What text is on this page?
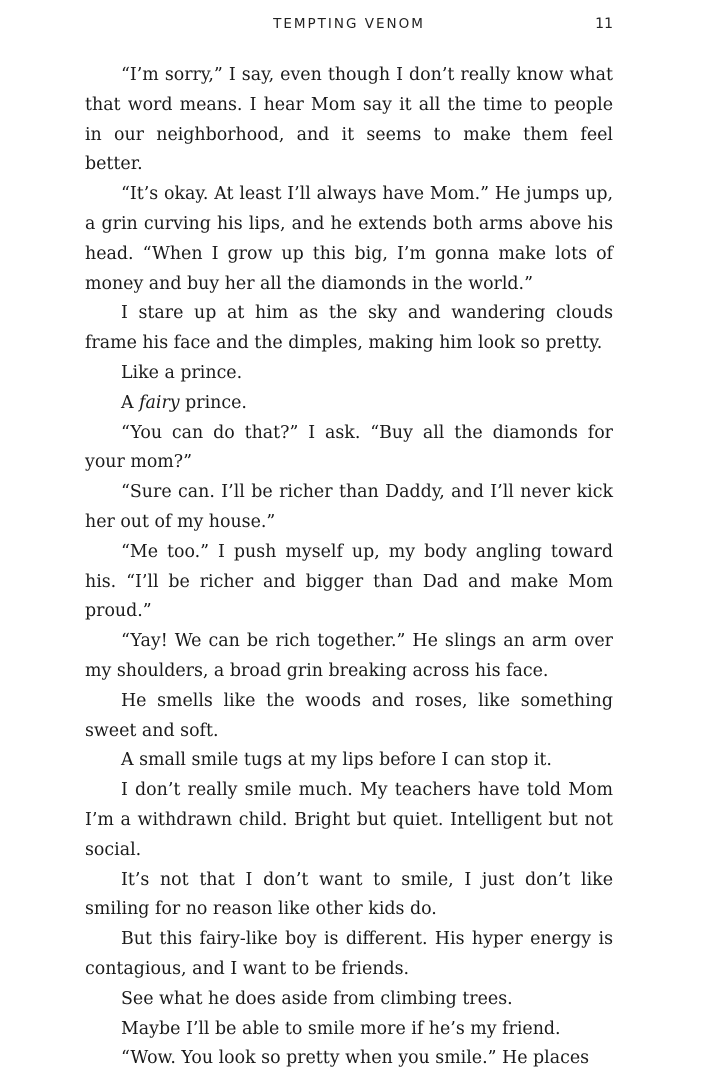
TEMPTING VENOM	11

“I’m sorry,” I say, even though I don’t really know what that word means. I hear Mom say it all the time to people in our neighborhood, and it seems to make them feel better.

“It’s okay. At least I’ll always have Mom.” He jumps up, a grin curving his lips, and he extends both arms above his head. “When I grow up this big, I’m gonna make lots of money and buy her all the diamonds in the world.”

I stare up at him as the sky and wandering clouds frame his face and the dimples, making him look so pretty.

Like a prince.

A fairy prince.

“You can do that?” I ask. “Buy all the diamonds for your mom?”

“Sure can. I’ll be richer than Daddy, and I’ll never kick her out of my house.”

“Me too.” I push myself up, my body angling toward his. “I’ll be richer and bigger than Dad and make Mom proud.”

“Yay! We can be rich together.” He slings an arm over my shoulders, a broad grin breaking across his face.

He smells like the woods and roses, like something sweet and soft.

A small smile tugs at my lips before I can stop it.

I don’t really smile much. My teachers have told Mom I’m a withdrawn child. Bright but quiet. Intelligent but not social.

It’s not that I don’t want to smile, I just don’t like smiling for no reason like other kids do.

But this fairy-like boy is different. His hyper energy is contagious, and I want to be friends.

See what he does aside from climbing trees.

Maybe I’ll be able to smile more if he’s my friend.

“Wow. You look so pretty when you smile.” He places
